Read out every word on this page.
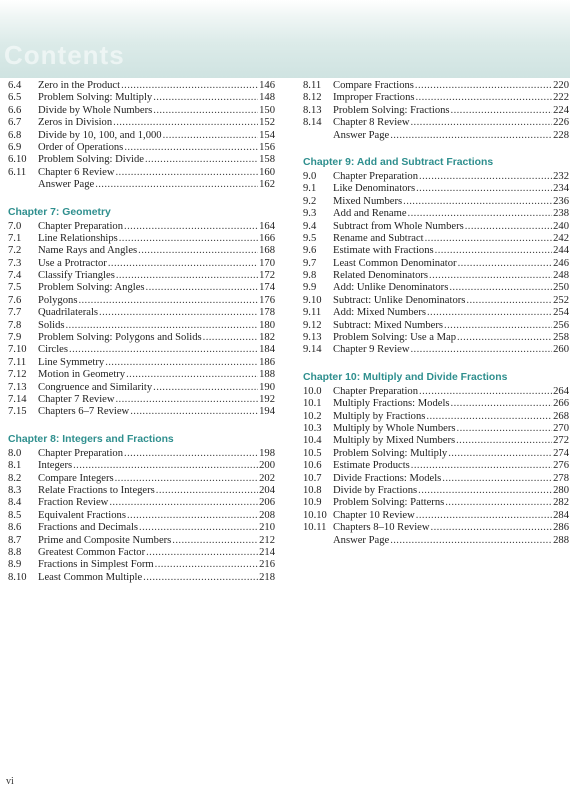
Contents
6.4	Zero in the Product .....	146
6.5	Problem Solving: Multiply .....	148
6.6	Divide by Whole Numbers .....	150
6.7	Zeros in Division .....	152
6.8	Divide by 10, 100, and 1,000 .....	154
6.9	Order of Operations .....	156
6.10	Problem Solving: Divide .....	158
6.11	Chapter 6 Review .....	160
Answer Page .....	162
Chapter 7: Geometry
7.0	Chapter Preparation .....	164
7.1	Line Relationships .....	166
7.2	Name Rays and Angles .....	168
7.3	Use a Protractor .....	170
7.4	Classify Triangles .....	172
7.5	Problem Solving: Angles .....	174
7.6	Polygons .....	176
7.7	Quadrilaterals .....	178
7.8	Solids .....	180
7.9	Problem Solving: Polygons and Solids .....	182
7.10	Circles .....	184
7.11	Line Symmetry .....	186
7.12	Motion in Geometry .....	188
7.13	Congruence and Similarity .....	190
7.14	Chapter 7 Review .....	192
7.15	Chapters 6–7 Review .....	194
Chapter 8: Integers and Fractions
8.0	Chapter Preparation .....	198
8.1	Integers .....	200
8.2	Compare Integers .....	202
8.3	Relate Fractions to Integers .....	204
8.4	Fraction Review .....	206
8.5	Equivalent Fractions .....	208
8.6	Fractions and Decimals .....	210
8.7	Prime and Composite Numbers .....	212
8.8	Greatest Common Factor .....	214
8.9	Fractions in Simplest Form .....	216
8.10	Least Common Multiple .....	218
8.11	Compare Fractions .....	220
8.12	Improper Fractions .....	222
8.13	Problem Solving: Fractions .....	224
8.14	Chapter 8 Review .....	226
Answer Page .....	228
Chapter 9: Add and Subtract Fractions
9.0	Chapter Preparation .....	232
9.1	Like Denominators .....	234
9.2	Mixed Numbers .....	236
9.3	Add and Rename .....	238
9.4	Subtract from Whole Numbers .....	240
9.5	Rename and Subtract .....	242
9.6	Estimate with Fractions .....	244
9.7	Least Common Denominator .....	246
9.8	Related Denominators .....	248
9.9	Add: Unlike Denominators .....	250
9.10	Subtract: Unlike Denominators .....	252
9.11	Add: Mixed Numbers .....	254
9.12	Subtract: Mixed Numbers .....	256
9.13	Problem Solving: Use a Map .....	258
9.14	Chapter 9 Review .....	260
Chapter 10: Multiply and Divide Fractions
10.0	Chapter Preparation .....	264
10.1	Multiply Fractions: Models .....	266
10.2	Multiply by Fractions .....	268
10.3	Multiply by Whole Numbers .....	270
10.4	Multiply by Mixed Numbers .....	272
10.5	Problem Solving: Multiply .....	274
10.6	Estimate Products .....	276
10.7	Divide Fractions: Models .....	278
10.8	Divide by Fractions .....	280
10.9	Problem Solving: Patterns .....	282
10.10 Chapter 10 Review .....	284
10.11 Chapters 8–10 Review .....	286
Answer Page .....	288
vi
